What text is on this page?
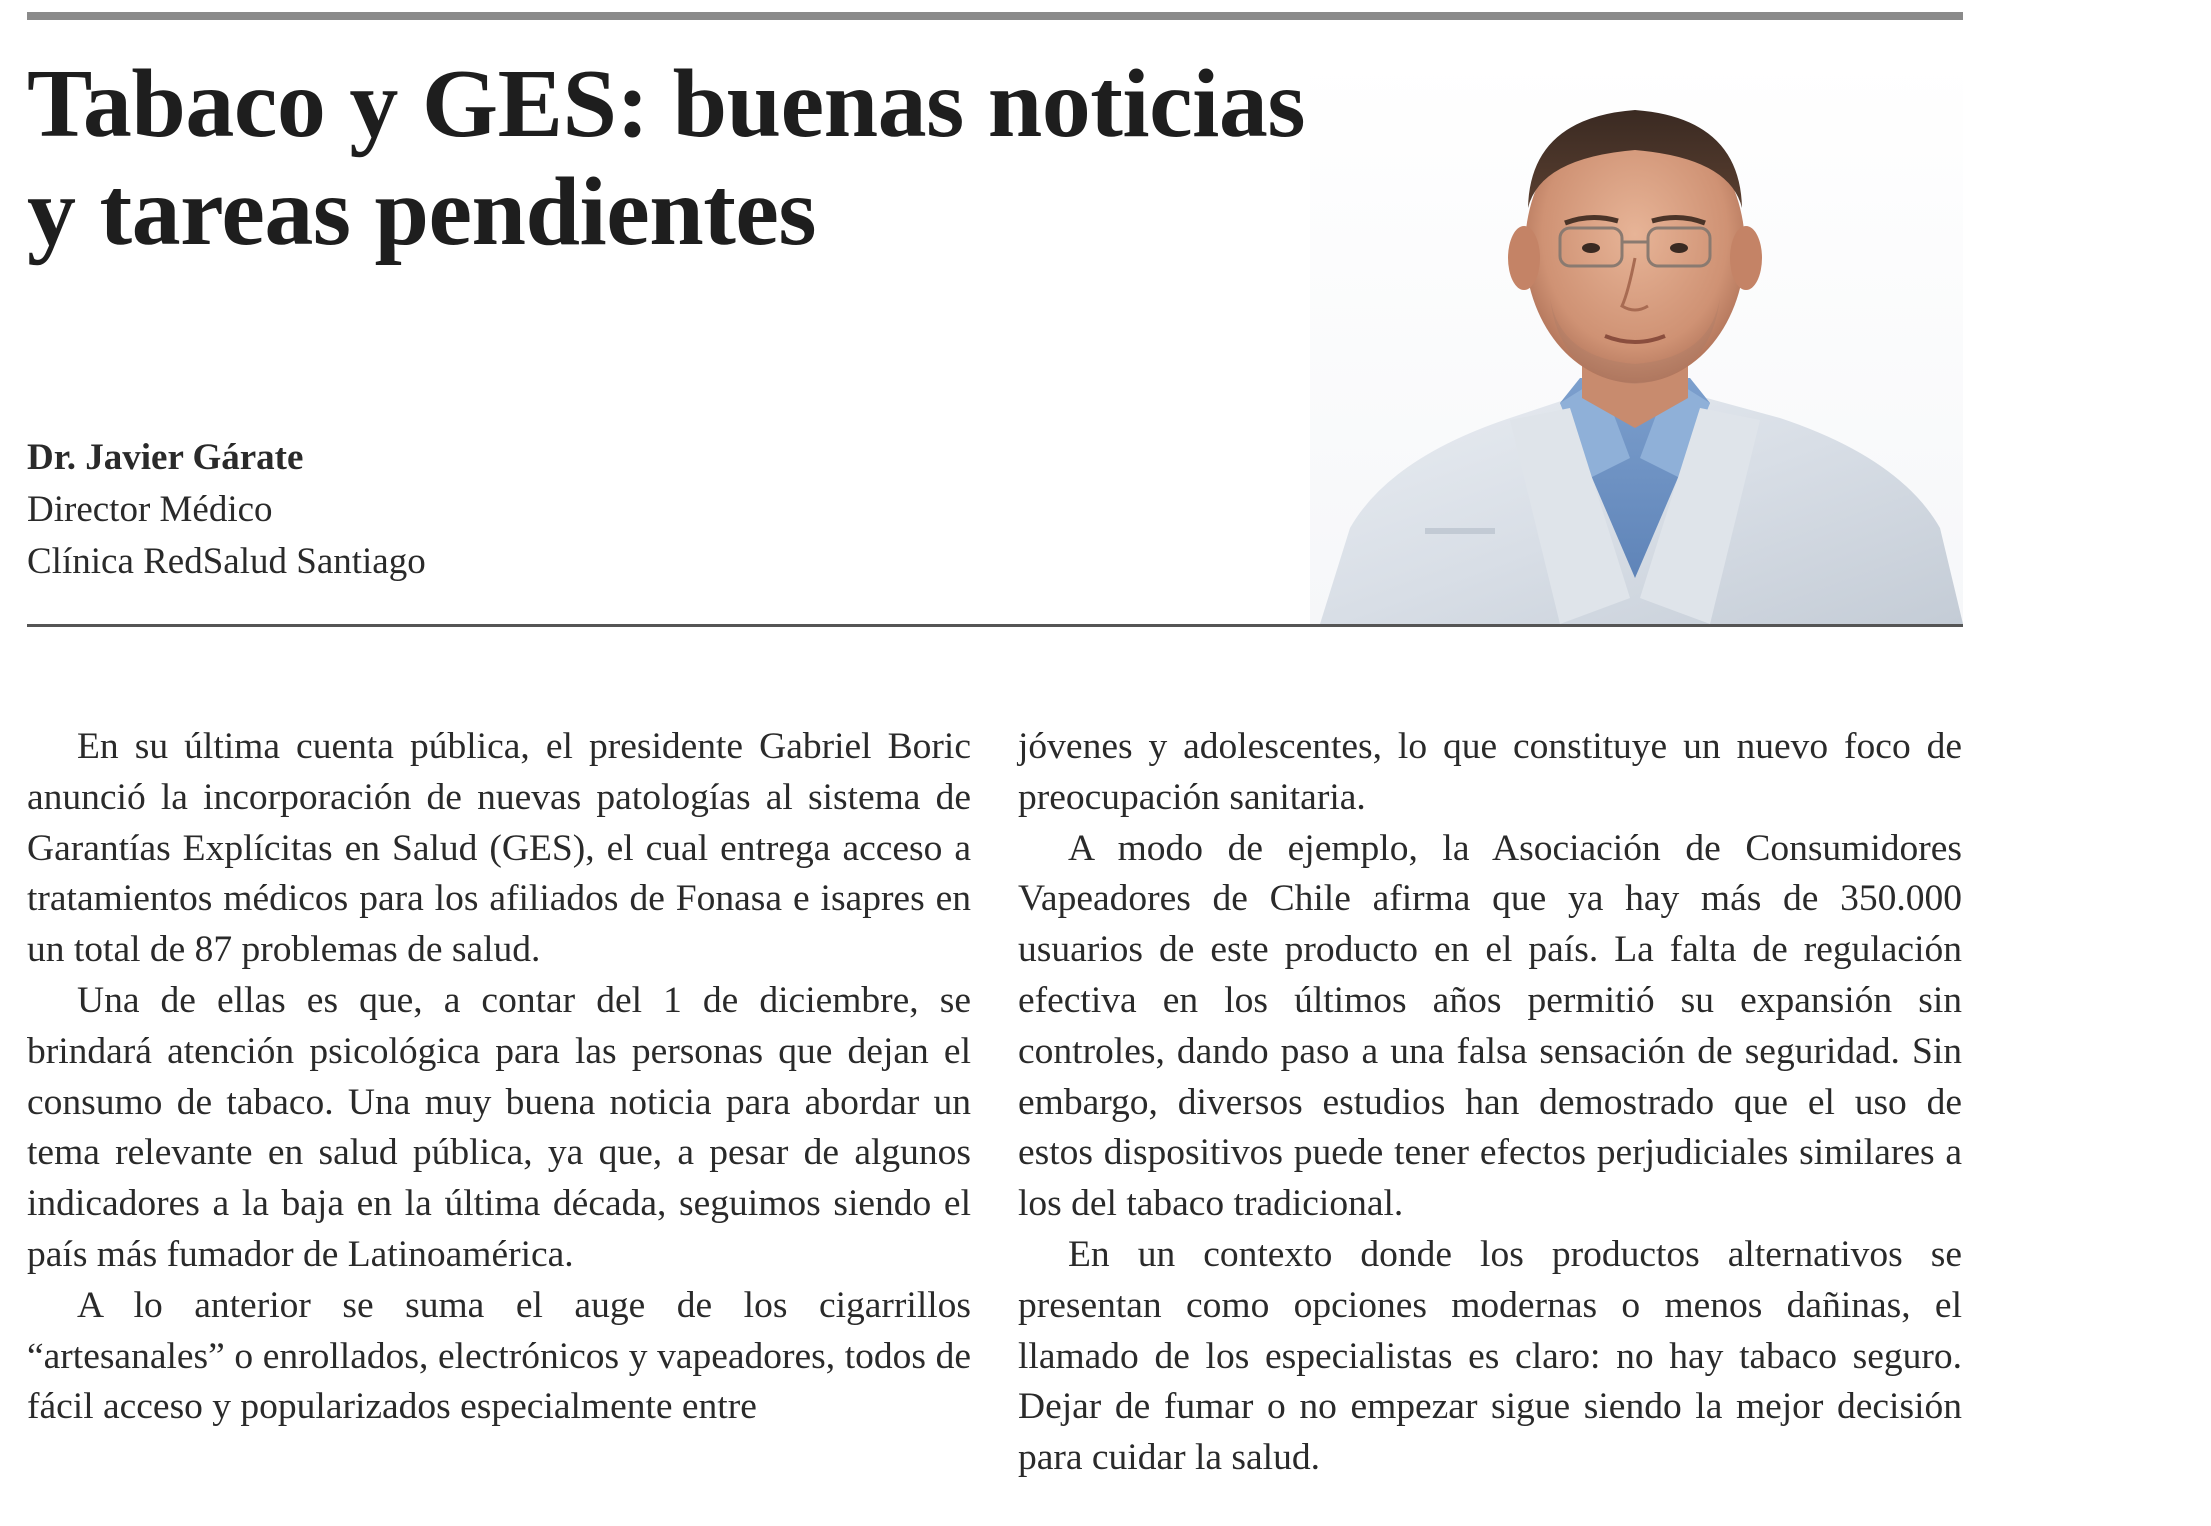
Tabaco y GES: buenas noticias y tareas pendientes
Dr. Javier Gárate
Director Médico
Clínica RedSalud Santiago

En su última cuenta pública, el presidente Gabriel Boric anunció la incorporación de nuevas patologías al sistema de Garantías Explícitas en Salud (GES), el cual entrega acceso a tratamientos médicos para los afiliados de Fonasa e isapres en un total de 87 problemas de salud.

Una de ellas es que, a contar del 1 de diciembre, se brindará atención psicológica para las personas que dejan el consumo de tabaco. Una muy buena noticia para abordar un tema relevante en salud pública, ya que, a pesar de algunos indicadores a la baja en la última década, seguimos siendo el país más fumador de Latinoamérica.

A lo anterior se suma el auge de los cigarrillos “artesanales” o enrollados, electrónicos y vapeadores, todos de fácil acceso y popularizados especialmente entre

jóvenes y adolescentes, lo que constituye un nuevo foco de preocupación sanitaria.

A modo de ejemplo, la Asociación de Consumidores Vapeadores de Chile afirma que ya hay más de 350.000 usuarios de este producto en el país. La falta de regulación efectiva en los últimos años permitió su expansión sin controles, dando paso a una falsa sensación de seguridad. Sin embargo, diversos estudios han demostrado que el uso de estos dispositivos puede tener efectos perjudiciales similares a los del tabaco tradicional.

En un contexto donde los productos alternativos se presentan como opciones modernas o menos dañinas, el llamado de los especialistas es claro: no hay tabaco seguro. Dejar de fumar o no empezar sigue siendo la mejor decisión para cuidar la salud.
